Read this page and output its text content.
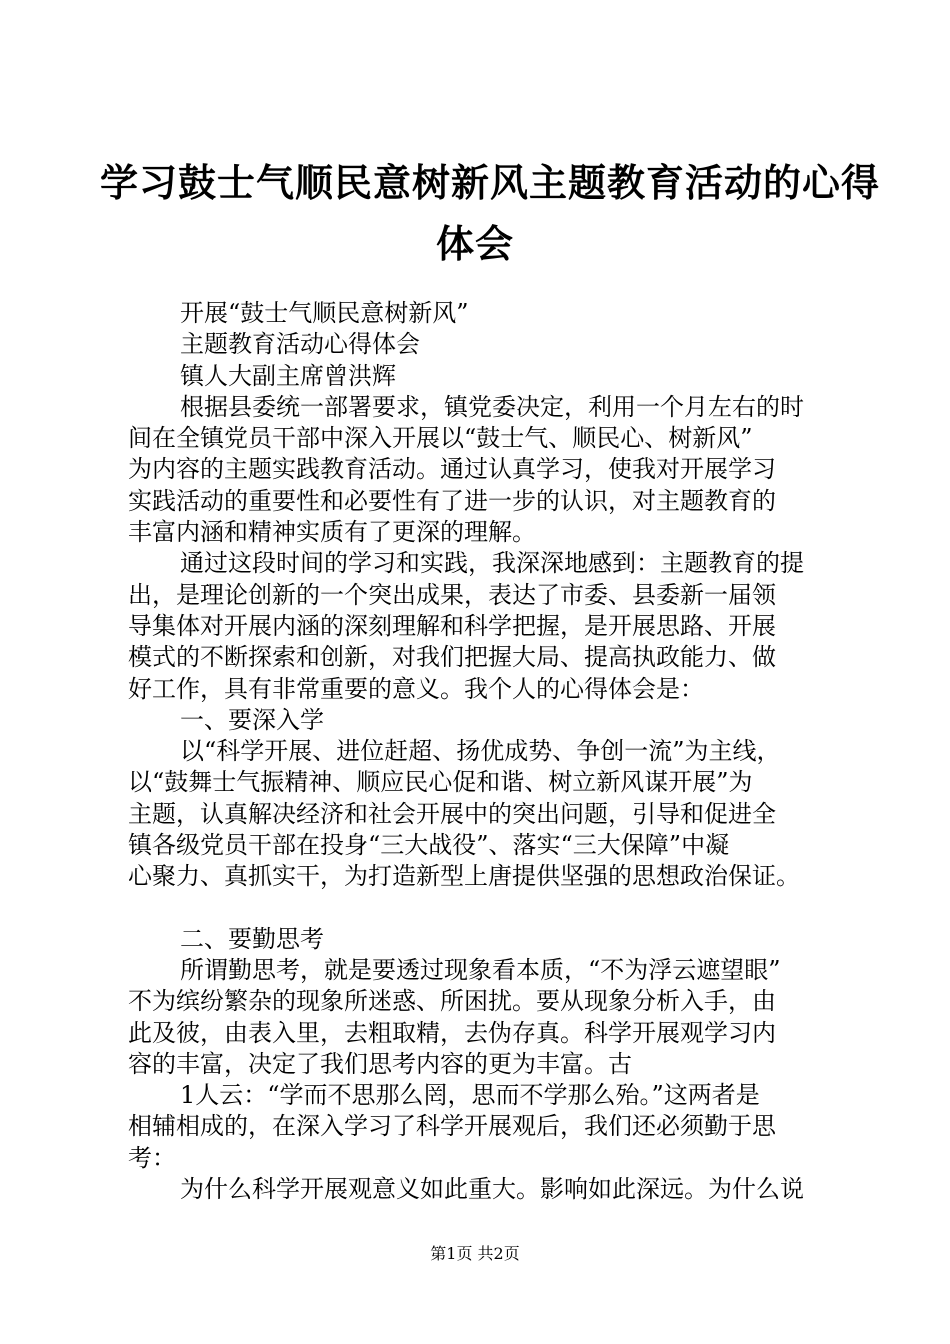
学习鼓士气顺民意树新风主题教育活动的心得
体会

开展“鼓士气顺民意树新风”

主题教育活动心得体会

镇人大副主席曾洪辉

根据县委统一部署要求，镇党委决定，利用一个月左右的时

间在全镇党员干部中深入开展以“鼓士气、顺民心、树新风”

为内容的主题实践教育活动。通过认真学习，使我对开展学习

实践活动的重要性和必要性有了进一步的认识，对主题教育的

丰富内涵和精神实质有了更深的理解。

通过这段时间的学习和实践，我深深地感到：主题教育的提

出，是理论创新的一个突出成果，表达了市委、县委新一届领

导集体对开展内涵的深刻理解和科学把握，是开展思路、开展

模式的不断探索和创新，对我们把握大局、提高执政能力、做

好工作，具有非常重要的意义。我个人的心得体会是：

一、要深入学

以“科学开展、进位赶超、扬优成势、争创一流”为主线，

以“鼓舞士气振精神、顺应民心促和谐、树立新风谋开展”为

主题，认真解决经济和社会开展中的突出问题，引导和促进全

镇各级党员干部在投身“三大战役”、落实“三大保障”中凝

心聚力、真抓实干，为打造新型上唐提供坚强的思想政治保证。

二、要勤思考

所谓勤思考，就是要透过现象看本质，“不为浮云遮望眼”

不为缤纷繁杂的现象所迷惑、所困扰。要从现象分析入手，由

此及彼，由表入里，去粗取精，去伪存真。科学开展观学习内

容的丰富，决定了我们思考内容的更为丰富。古

1人云：“学而不思那么罔，思而不学那么殆。”这两者是

相辅相成的，在深入学习了科学开展观后，我们还必须勤于思

考：

为什么科学开展观意义如此重大。影响如此深远。为什么说

第1页 共2页
